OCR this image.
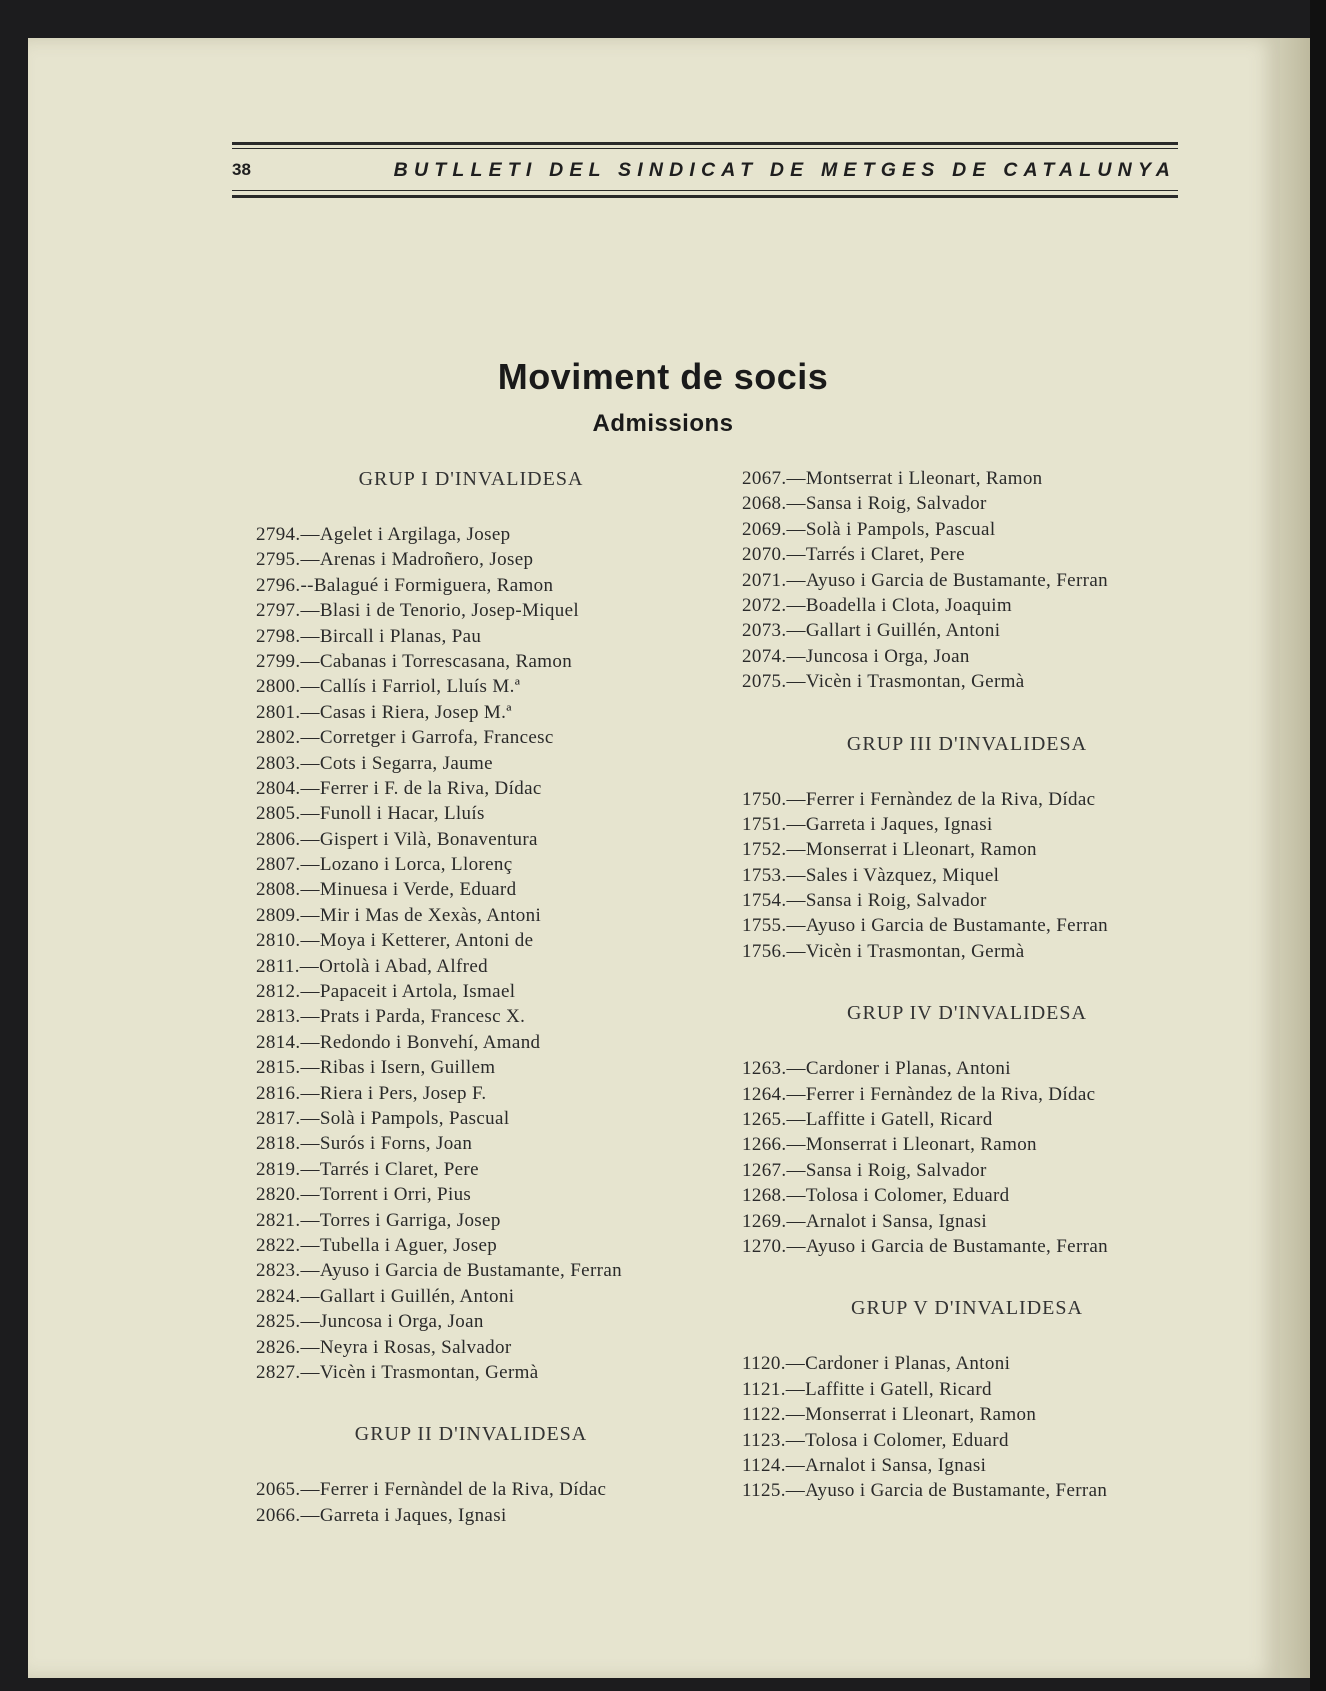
38	BUTLLETI DEL SINDICAT DE METGES DE CATALUNYA
Moviment de socis
Admissions
GRUP I D'INVALIDESA
2794.—Agelet i Argilaga, Josep
2795.—Arenas i Madroñero, Josep
2796.--Balagué i Formiguera, Ramon
2797.—Blasi i de Tenorio, Josep-Miquel
2798.—Bircall i Planas, Pau
2799.—Cabanas i Torrescasana, Ramon
2800.—Callís i Farriol, Lluís M.ª
2801.—Casas i Riera, Josep M.ª
2802.—Corretger i Garrofa, Francesc
2803.—Cots i Segarra, Jaume
2804.—Ferrer i F. de la Riva, Dídac
2805.—Funoll i Hacar, Lluís
2806.—Gispert i Vilà, Bonaventura
2807.—Lozano i Lorca, Llorenç
2808.—Minuesa i Verde, Eduard
2809.—Mir i Mas de Xexàs, Antoni
2810.—Moya i Ketterer, Antoni de
2811.—Ortolà i Abad, Alfred
2812.—Papaceit i Artola, Ismael
2813.—Prats i Parda, Francesc X.
2814.—Redondo i Bonvehí, Amand
2815.—Ribas i Isern, Guillem
2816.—Riera i Pers, Josep F.
2817.—Solà i Pampols, Pascual
2818.—Surós i Forns, Joan
2819.—Tarrés i Claret, Pere
2820.—Torrent i Orri, Pius
2821.—Torres i Garriga, Josep
2822.—Tubella i Aguer, Josep
2823.—Ayuso i Garcia de Bustamante, Ferran
2824.—Gallart i Guillén, Antoni
2825.—Juncosa i Orga, Joan
2826.—Neyra i Rosas, Salvador
2827.—Vicèn i Trasmontan, Germà
GRUP II D'INVALIDESA
2065.—Ferrer i Fernàndel de la Riva, Dídac
2066.—Garreta i Jaques, Ignasi
2067.—Montserrat i Lleonart, Ramon
2068.—Sansa i Roig, Salvador
2069.—Solà i Pampols, Pascual
2070.—Tarrés i Claret, Pere
2071.—Ayuso i Garcia de Bustamante, Ferran
2072.—Boadella i Clota, Joaquim
2073.—Gallart i Guillén, Antoni
2074.—Juncosa i Orga, Joan
2075.—Vicèn i Trasmontan, Germà
GRUP III D'INVALIDESA
1750.—Ferrer i Fernàndez de la Riva, Dídac
1751.—Garreta i Jaques, Ignasi
1752.—Monserrat i Lleonart, Ramon
1753.—Sales i Vàzquez, Miquel
1754.—Sansa i Roig, Salvador
1755.—Ayuso i Garcia de Bustamante, Ferran
1756.—Vicèn i Trasmontan, Germà
GRUP IV D'INVALIDESA
1263.—Cardoner i Planas, Antoni
1264.—Ferrer i Fernàndez de la Riva, Dídac
1265.—Laffitte i Gatell, Ricard
1266.—Monserrat i Lleonart, Ramon
1267.—Sansa i Roig, Salvador
1268.—Tolosa i Colomer, Eduard
1269.—Arnalot i Sansa, Ignasi
1270.—Ayuso i Garcia de Bustamante, Ferran
GRUP V D'INVALIDESA
1120.—Cardoner i Planas, Antoni
1121.—Laffitte i Gatell, Ricard
1122.—Monserrat i Lleonart, Ramon
1123.—Tolosa i Colomer, Eduard
1124.—Arnalot i Sansa, Ignasi
1125.—Ayuso i Garcia de Bustamante, Ferran
